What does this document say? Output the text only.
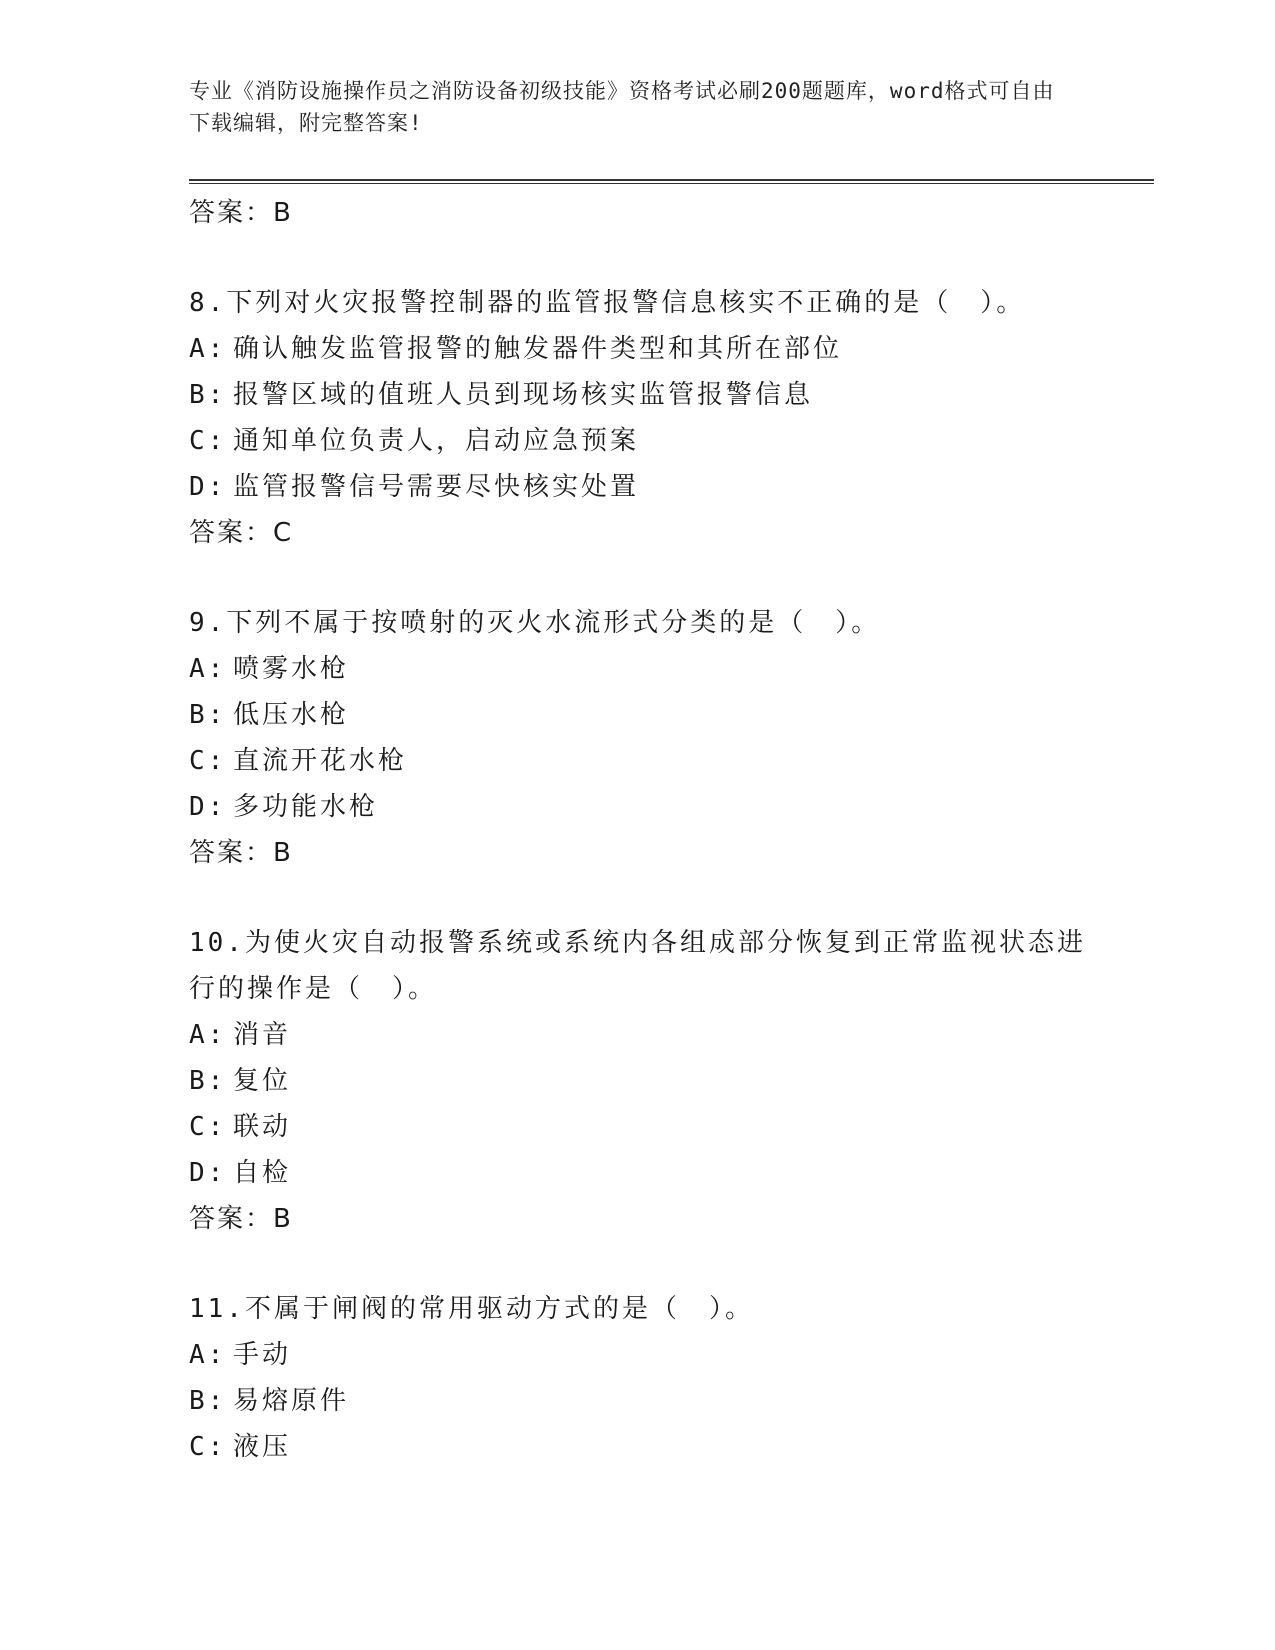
专业《消防设施操作员之消防设备初级技能》资格考试必刷200题题库，word格式可自由下载编辑，附完整答案!
答案：B
8.下列对火灾报警控制器的监管报警信息核实不正确的是（　）。
A: 确认触发监管报警的触发器件类型和其所在部位
B: 报警区域的值班人员到现场核实监管报警信息
C: 通知单位负责人，启动应急预案
D: 监管报警信号需要尽快核实处置
答案：C
9.下列不属于按喷射的灭火水流形式分类的是（　）。
A: 喷雾水枪
B: 低压水枪
C: 直流开花水枪
D: 多功能水枪
答案：B
10.为使火灾自动报警系统或系统内各组成部分恢复到正常监视状态进行的操作是（　）。
A: 消音
B: 复位
C: 联动
D: 自检
答案：B
11.不属于闸阀的常用驱动方式的是（　）。
A: 手动
B: 易熔原件
C: 液压
